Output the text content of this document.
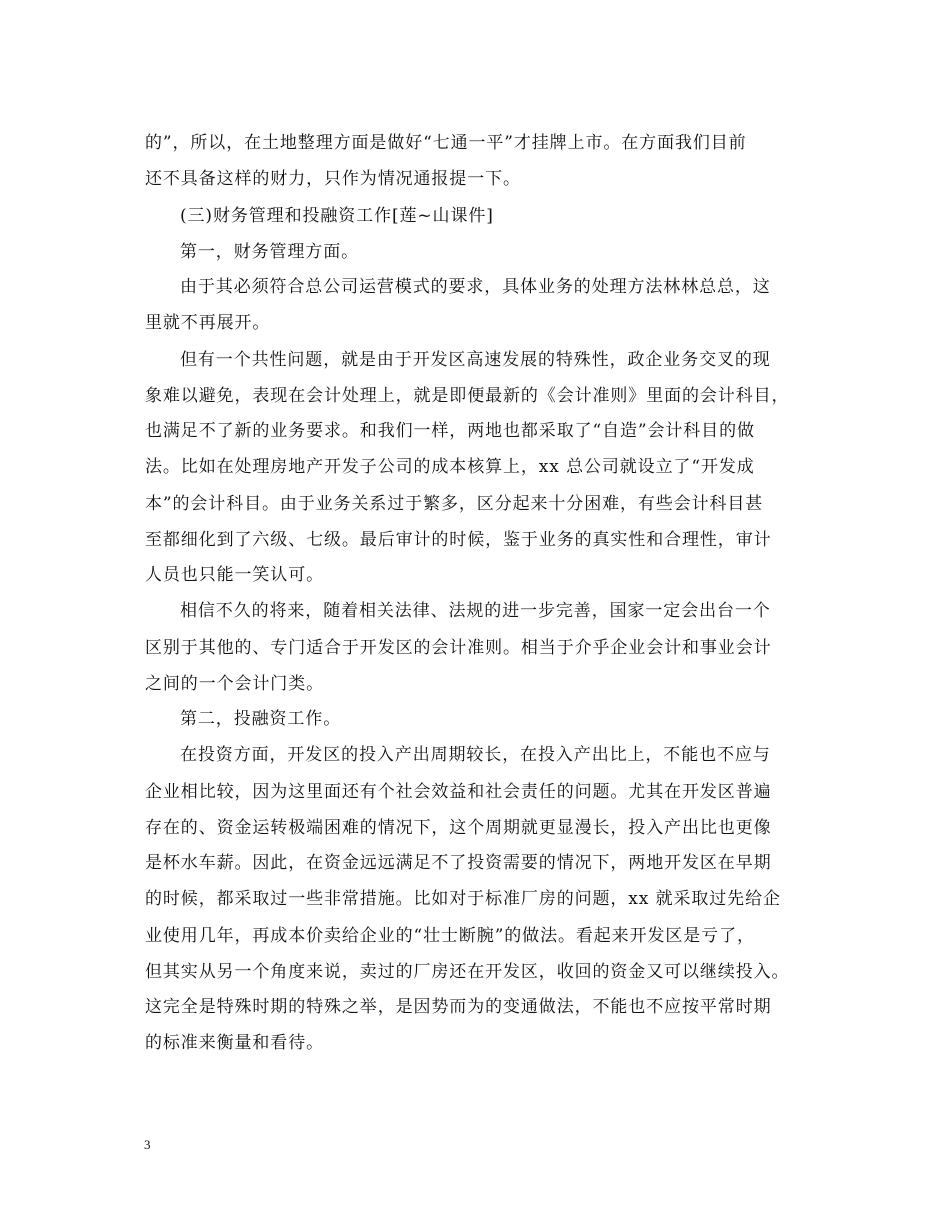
的”，所以，在土地整理方面是做好“七通一平”才挂牌上市。在方面我们目前
还不具备这样的财力，只作为情况通报提一下。
(三)财务管理和投融资工作[莲~山课件]
第一，财务管理方面。
由于其必须符合总公司运营模式的要求，具体业务的处理方法林林总总，这
里就不再展开。
但有一个共性问题，就是由于开发区高速发展的特殊性，政企业务交叉的现
象难以避免，表现在会计处理上，就是即便最新的《会计准则》里面的会计科目，
也满足不了新的业务要求。和我们一样，两地也都采取了“自造”会计科目的做
法。比如在处理房地产开发子公司的成本核算上，xx 总公司就设立了“开发成
本”的会计科目。由于业务关系过于繁多，区分起来十分困难，有些会计科目甚
至都细化到了六级、七级。最后审计的时候，鉴于业务的真实性和合理性，审计
人员也只能一笑认可。
相信不久的将来，随着相关法律、法规的进一步完善，国家一定会出台一个
区别于其他的、专门适合于开发区的会计准则。相当于介乎企业会计和事业会计
之间的一个会计门类。
第二，投融资工作。
在投资方面，开发区的投入产出周期较长，在投入产出比上，不能也不应与
企业相比较，因为这里面还有个社会效益和社会责任的问题。尤其在开发区普遍
存在的、资金运转极端困难的情况下，这个周期就更显漫长，投入产出比也更像
是杯水车薪。因此，在资金远远满足不了投资需要的情况下，两地开发区在早期
的时候，都采取过一些非常措施。比如对于标准厂房的问题，xx 就采取过先给企
业使用几年，再成本价卖给企业的“壮士断腕”的做法。看起来开发区是亏了，
但其实从另一个角度来说，卖过的厂房还在开发区，收回的资金又可以继续投入。
这完全是特殊时期的特殊之举，是因势而为的变通做法，不能也不应按平常时期
的标准来衡量和看待。
3
